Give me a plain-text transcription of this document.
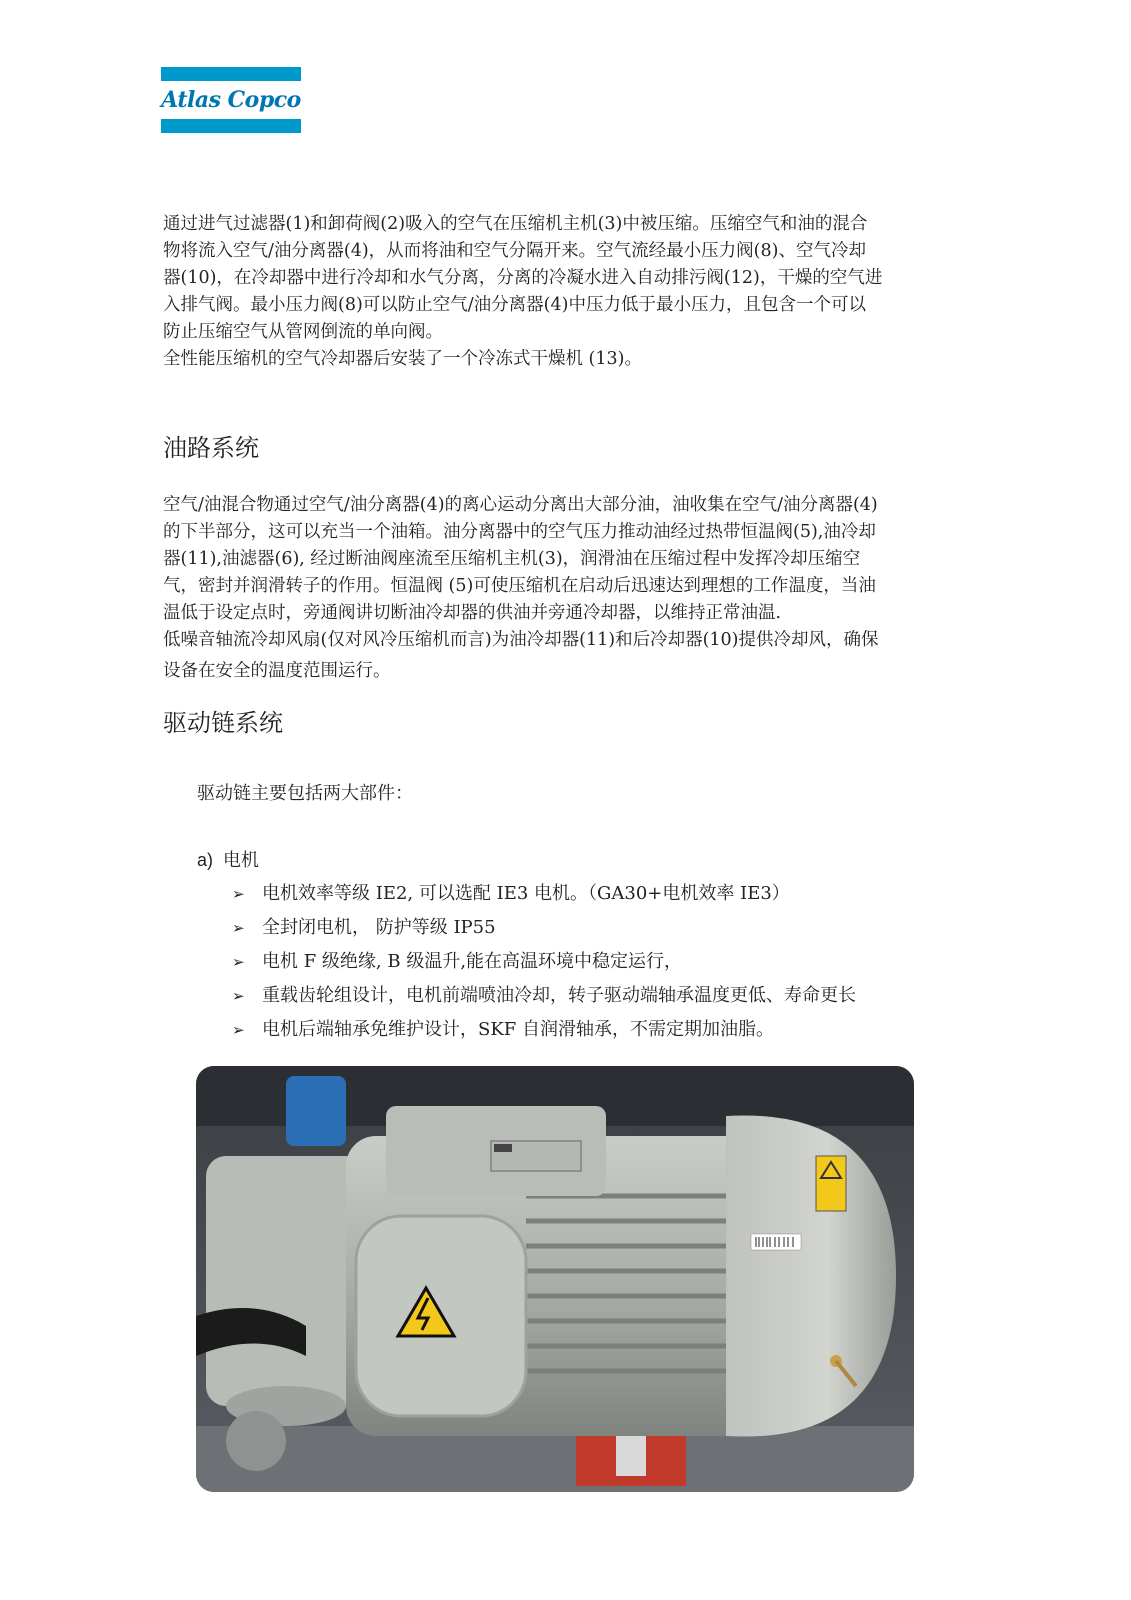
Atlas Copco
通过进气过滤器(1)和卸荷阀(2)吸入的空气在压缩机主机(3)中被压缩。压缩空气和油的混合
物将流入空气/油分离器(4)，从而将油和空气分隔开来。空气流经最小压力阀(8)、空气冷却
器(10)，在冷却器中进行冷却和水气分离，分离的冷凝水进入自动排污阀(12)，干燥的空气进
入排气阀。最小压力阀(8)可以防止空气/油分离器(4)中压力低于最小压力，且包含一个可以
防止压缩空气从管网倒流的单向阀。
全性能压缩机的空气冷却器后安装了一个冷冻式干燥机 (13)。
油路系统
空气/油混合物通过空气/油分离器(4)的离心运动分离出大部分油，油收集在空气/油分离器(4)
的下半部分，这可以充当一个油箱。油分离器中的空气压力推动油经过热带恒温阀(5),油冷却
器(11),油滤器(6), 经过断油阀座流至压缩机主机(3)，润滑油在压缩过程中发挥冷却压缩空
气，密封并润滑转子的作用。恒温阀 (5)可使压缩机在启动后迅速达到理想的工作温度，当油
温低于设定点时，旁通阀讲切断油冷却器的供油并旁通冷却器，以维持正常油温.
低噪音轴流冷却风扇(仅对风冷压缩机而言)为油冷却器(11)和后冷却器(10)提供冷却风，确保
设备在安全的温度范围运行。
驱动链系统
驱动链主要包括两大部件：
a) 电机
➢ 电机效率等级 IE2, 可以选配 IE3 电机。（GA30+电机效率 IE3）
➢ 全封闭电机， 防护等级 IP55
➢ 电机 F 级绝缘, B 级温升,能在高温环境中稳定运行，
➢ 重载齿轮组设计，电机前端喷油冷却，转子驱动端轴承温度更低、寿命更长
➢ 电机后端轴承免维护设计，SKF 自润滑轴承，不需定期加油脂。
